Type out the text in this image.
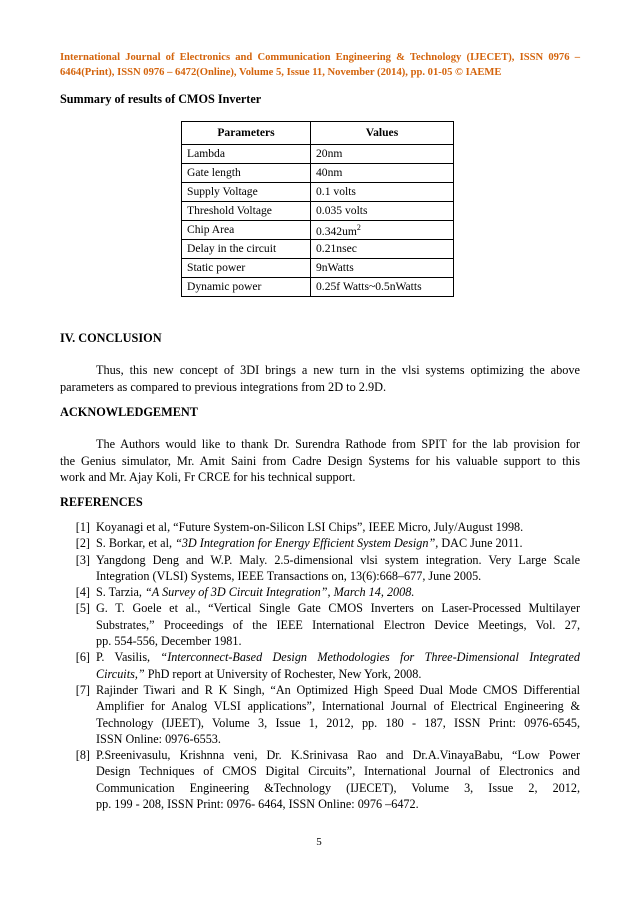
International Journal of Electronics and Communication Engineering & Technology (IJECET), ISSN 0976 –
6464(Print), ISSN 0976 – 6472(Online), Volume 5, Issue 11, November (2014), pp. 01-05 © IAEME
Summary of results of CMOS Inverter
Parameters	Values
Lambda	20nm
Gate length	40nm
Supply Voltage	0.1 volts
Threshold Voltage	0.035 volts
Chip Area	$0.342um^2$
Delay in the circuit	0.21nsec
Static power	9nWatts
Dynamic power	0.25f Watts~0.5nWatts
IV. CONCLUSION
Thus, this new concept of 3DI brings a new turn in the vlsi systems optimizing the above
parameters as compared to previous integrations from 2D to 2.9D.
ACKNOWLEDGEMENT
The Authors would like to thank Dr. Surendra Rathode from SPIT for the lab provision for
the Genius simulator, Mr. Amit Saini from Cadre Design Systems for his valuable support to this
work and Mr. Ajay Koli, Fr CRCE for his technical support.
REFERENCES
[1] Koyanagi et al, “Future System-on-Silicon LSI Chips”, IEEE Micro, July/August 1998.
[2] S. Borkar, et al, “3D Integration for Energy Efficient System Design”, DAC June 2011.
[3] Yangdong Deng and W.P. Maly. 2.5-dimensional vlsi system integration. Very Large Scale
Integration (VLSI) Systems, IEEE Transactions on, 13(6):668–677, June 2005.
[4] S. Tarzia, “A Survey of 3D Circuit Integration”, March 14, 2008.
[5] G. T. Goele et al., “Vertical Single Gate CMOS Inverters on Laser-Processed Multilayer
Substrates,” Proceedings of the IEEE International Electron Device Meetings, Vol. 27,
pp. 554-556, December 1981.
[6] P. Vasilis, “Interconnect-Based Design Methodologies for Three-Dimensional Integrated
Circuits,” PhD report at University of Rochester, New York, 2008.
[7] Rajinder Tiwari and R K Singh, “An Optimized High Speed Dual Mode CMOS Differential
Amplifier for Analog VLSI applications”, International Journal of Electrical Engineering &
Technology (IJEET), Volume 3, Issue 1, 2012, pp. 180 - 187, ISSN Print: 0976-6545,
ISSN Online: 0976-6553.
[8] P.Sreenivasulu, Krishnna veni, Dr. K.Srinivasa Rao and Dr.A.VinayaBabu, “Low Power
Design Techniques of CMOS Digital Circuits”, International Journal of Electronics and
Communication Engineering &Technology (IJECET), Volume 3, Issue 2, 2012,
pp. 199 - 208, ISSN Print: 0976- 6464, ISSN Online: 0976 –6472.
5
